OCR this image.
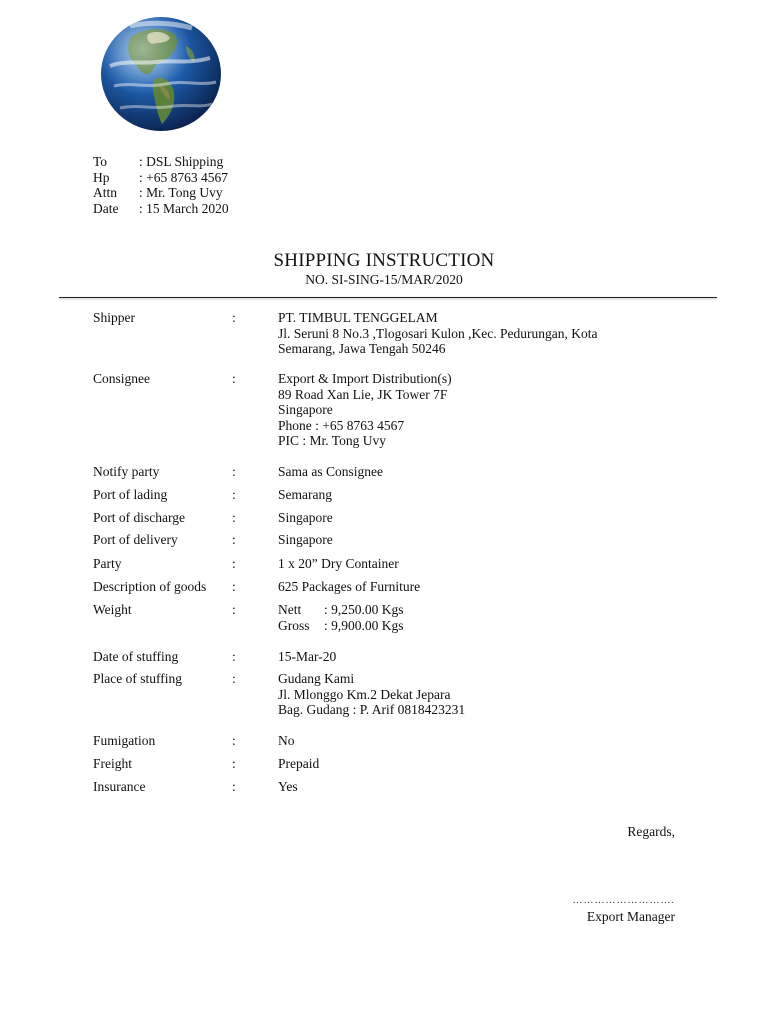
To	: DSL Shipping
Hp	: +65 8763 4567
Attn	: Mr. Tong Uvy
Date	: 15 March 2020
SHIPPING INSTRUCTION
NO. SI-SING-15/MAR/2020
Shipper	:	PT. TIMBUL TENGGELAM
Jl. Seruni 8 No.3 ,Tlogosari Kulon ,Kec. Pedurungan, Kota
Semarang, Jawa Tengah 50246
Consignee	:	Export & Import Distribution(s)
89 Road Xan Lie, JK Tower 7F
Singapore
Phone : +65 8763 4567
PIC : Mr. Tong Uvy
Notify party	:	Sama as Consignee
Port of lading	:	Semarang
Port of discharge	:	Singapore
Port of delivery	:	Singapore
Party	:	1 x 20” Dry Container
Description of goods :	625 Packages of Furniture
Weight	:	Nett	: 9,250.00 Kgs
Gross	: 9,900.00 Kgs
Date of stuffing	:	15-Mar-20
Place of stuffing	:	Gudang Kami
Jl. Mlonggo Km.2 Dekat Jepara
Bag. Gudang : P. Arif 0818423231
Fumigation	:	No
Freight	:	Prepaid
Insurance	:	Yes
Regards,
……………………….
Export Manager
